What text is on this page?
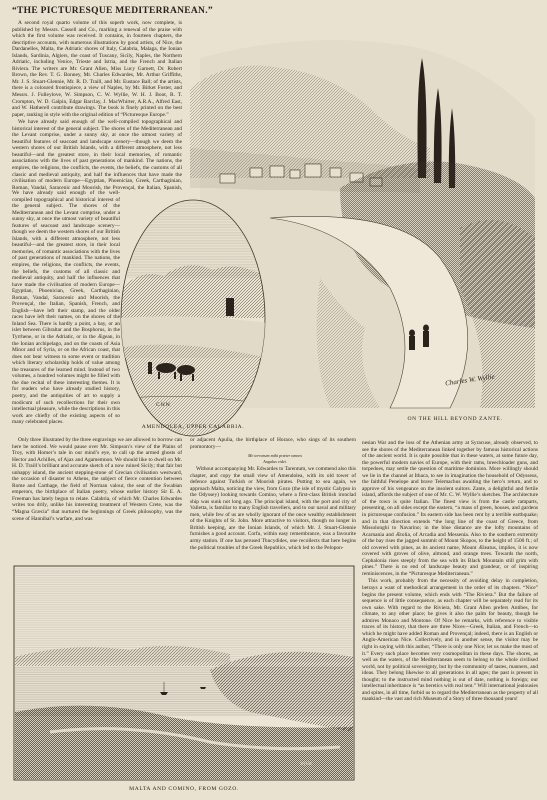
“THE PICTURESQUE MEDITERRANEAN.”

A second royal quarto volume of this superb work, now complete, is published by Messrs. Cassell and Co., marking a renewal of the praise with which the first volume was received. It contains, in fourteen chapters, the descriptive accounts, with numerous illustrations by good artists, of Nice, the Dardanelles, Malta, the Adriatic shores of Italy, Calabria, Malaga, the Ionian Islands, Sardinia, Algiers, the coast of Tuscany, Sicily, Naples, the Northern Adriatic, including Venice, Trieste and Istria, and the French and Italian Riviera. The writers are Mr. Grant Allen, Miss Lucy Garnett, Dr. Robert Brown, the Rev. T. G. Bonney, Mr. Charles Edwardes, Mr. Arthur Griffiths, Mr. J. S. Stuart-Glennie, Mr. R. D. Traill, and Mr. Eustace Ball; of the artists, there is a coloured frontispiece, a view of Naples, by Mr. Birket Foster, and Messrs. J. Fulleylove, W. Simpson, C. W. Wyllie, W. H. J. Boot, R. T. Crompton, W. D. Galpin, Edgar Barclay, J. MacWhirter, A.R.A., Alfred East, and W. Hatherell contribute drawings. The book is finely printed on the best paper, ranking in style with the original edition of “Picturesque Europe.”

We have already said enough of the well-compiled topographical and historical interest of the general subject. The shores of the Mediterranean and the Levant comprise, under a sunny sky, at once the utmost variety of beautiful features of seacoast and landscape scenery—though we deem the western shores of our British Islands, with a different atmosphere, not less beautiful—and the greatest store, in their local memories, of romantic associations with the lives of past generations of mankind. The nations, the empires, the religions, the conflicts, the events, the beliefs, the customs of all classic and medieval antiquity, and half the influences that have made the civilisation of modern Europe—Egyptian, Phoenician, Greek, Carthaginian, Roman, Vandal, Saracenic and Moorish, the Provençal, the Italian, Spanish,

We have already said enough of the well-compiled topographical and historical interest of the general subject. The shores of the Mediterranean and the Levant comprise, under a sunny sky, at once the utmost variety of beautiful features of seacoast and landscape scenery—though we deem the western shores of our British Islands, with a different atmosphere, not less beautiful—and the greatest store, in their local memories, of romantic associations with the lives of past generations of mankind. The nations, the empires, the religions, the conflicts, the events, the beliefs, the customs of all classic and medieval antiquity, and half the influences that have made the civilisation of modern Europe—Egyptian, Phoenician, Greek, Carthaginian, Roman, Vandal, Saracenic and Moorish, the Provençal, the Italian, Spanish, French, and English—have left their stamp, and the older races have left their names, on the shores of the Inland Sea. There is hardly a point, a bay, or an islet between Gibraltar and the Bosphorus, in the Tyrrhene, or in the Adriatic, or in the Ægean, in the Ionian archipelago, and on the coasts of Asia Minor and of Syria, or on the African coast, that does not bear witness to some event or tradition which literary scholarship holds of value among the treasures of the learned mind. Instead of two volumes, a hundred volumes might be filled with the due recital of these interesting themes. It is for readers who have already studied history, poetry, and the antiquities of art to supply a modicum of such recollections for their own intellectual pleasure, while the descriptions in this work are chiefly of the existing aspects of so many celebrated places.

Only three illustrated by the three engravings we are allowed to borrow can here be noticed. We would pause over Mr. Simpson’s view of the Plains of Troy, with Homer’s tale in our mind’s eye, to call up the armed ghosts of Hector and Achilles, of Ajax and Agamemnon. We should like to dwell on Mr. H. D. Traill’s brilliant and accurate sketch of a now ruined Sicily; that fair but unhappy island, the ancient stepping-stone of Grecian civilisation westward, the occasion of disaster to Athens, the subject of fierce contention between Rome and Carthage, the field of Norman valour, the seat of the Swabian emperors, the birthplace of Italian poetry, whose earlier history Sir E. A. Freeman has lately begun to relate. Calabria, of which Mr. Charles Edwardes writes too drily, unlike his interesting treatment of Western Crete, was the “Magna Græcia” that nurtured the beginnings of Greek philosophy, was the scene of Hannibal’s warfare, and was

or adjacent Apulia, the birthplace of Horace, who sings of its southern promontory—

Me terrarum mihi præter omnes
Angulus ridet.

Without accompanying Mr. Edwardes to Tarentum, we commend also this chapter, and copy the small view of Amendolea, with its old tower of defence against Turkish or Moorish pirates. Putting to sea again, we approach Malta, noticing the view, from Gozo (the isle of mystic Calypso in the Odyssey) looking towards Comino, where a first-class British ironclad ship was sunk not long ago. The principal island, with the port and city of Valletta, is familiar to many English travellers, and to our naval and military men, while few of us are wholly ignorant of the once wealthy establishment of the Knights of St. John. More attractive to visitors, though no longer in British keeping, are the Ionian Islands, of which Mr. J. Stuart-Glennie furnishes a good account. Corfu, within easy remembrance, was a favourite army station. If one has perused Thucydides, one recollects that here begins the political troubles of the Greek Republics, which led to the Pelopon-

nesian War and the loss of the Athenian army at Syracuse, already observed, to see the shores of the Mediterranean linked together by famous historical actions of the ancient world. It is quite possible that in these waters, at some future day, the powerful modern navies of Europe, with their rams, breechloader guns, and torpedoes, may settle the question of maritime dominion. More willingly should we lie in the channel at Ithaca, to see in imagination the household of Odysseus, the faithful Penelope and brave Telemachus awaiting the hero’s return, and to approve of his vengeance on the insolent suitors. Zante, a delightful and fertile island, affords the subject of one of Mr. C. W. Wyllie’s sketches. The architecture of the town is quite Italian. The finest view is from the castle ramparts, presenting, on all sides except the eastern, “a mass of green, houses, and gardens in picturesque confusion.” Its eastern side has been rent by a terrible earthquake; and in that direction extends “the long line of the coast of Greece, from Missolonghi to Navarino; in the blue distance are the lofty mountains of Acarnania and Ætolia, of Arcadia and Messenia. Also to the southern extremity of the bay rises the jagged summit of Mount Skopos, to the height of 1500 ft.; of old covered with pines, as its ancient name, Mount Æleatus, implies, it is now covered with groves of olive, almond, and orange trees. Towards the north, Cephalonia rises steeply from the sea with its Black Mountain still grim with pines.” There is no end of landscape beauty and grandeur, or of inspiring reminiscences, in the “Picturesque Mediterranean.”

This work, probably from the necessity of avoiding delay in completion, betrays a want of methodical arrangement in the order of its chapters. “Nice” begins the present volume, which ends with “The Riviera.” But the failure of sequence is of little consequence, as each chapter will be separately read for its own sake. With regard to the Riviera, Mr. Grant Allen prefers Antibes, for climate, to any other place; he gives it also the palm for beauty, though he admires Monaco and Montone. Of Nice he remarks, with reference to visible traces of its history, that there are three Nices—Greek, Italian, and French—to which he might have added Roman and Provençal; indeed, there is an English or Anglo-American Nice. Collectively, and in another sense, the visitor may be right in saying with this author, “There is only one Nice; let us make the most of it.” Every such place becomes very cosmopolitan in these days. The shores, as well as the waters, of the Mediterranean seem to belong to the whole civilised world, not by political sovereignty, but by the community of tastes, manners, and ideas. They belong likewise to all generations in all ages; the past is present in thought; to the instructed mind nothing is out of date, nothing is foreign; our intellectual inheritance is “as heretics with real tent.” Will international jealousies and spites, in all time, forbid us to regard the Mediterranean as the property of all mankind—the vast and rich Museum of a Story of three thousand years!

ON THE HILL BEYOND ZANTE.
Charles W. Wyllie
C.W.W.
AMENDOLEA, UPPER CALABRIA.
Wyllie
MALTA AND COMINO, FROM GOZO.
